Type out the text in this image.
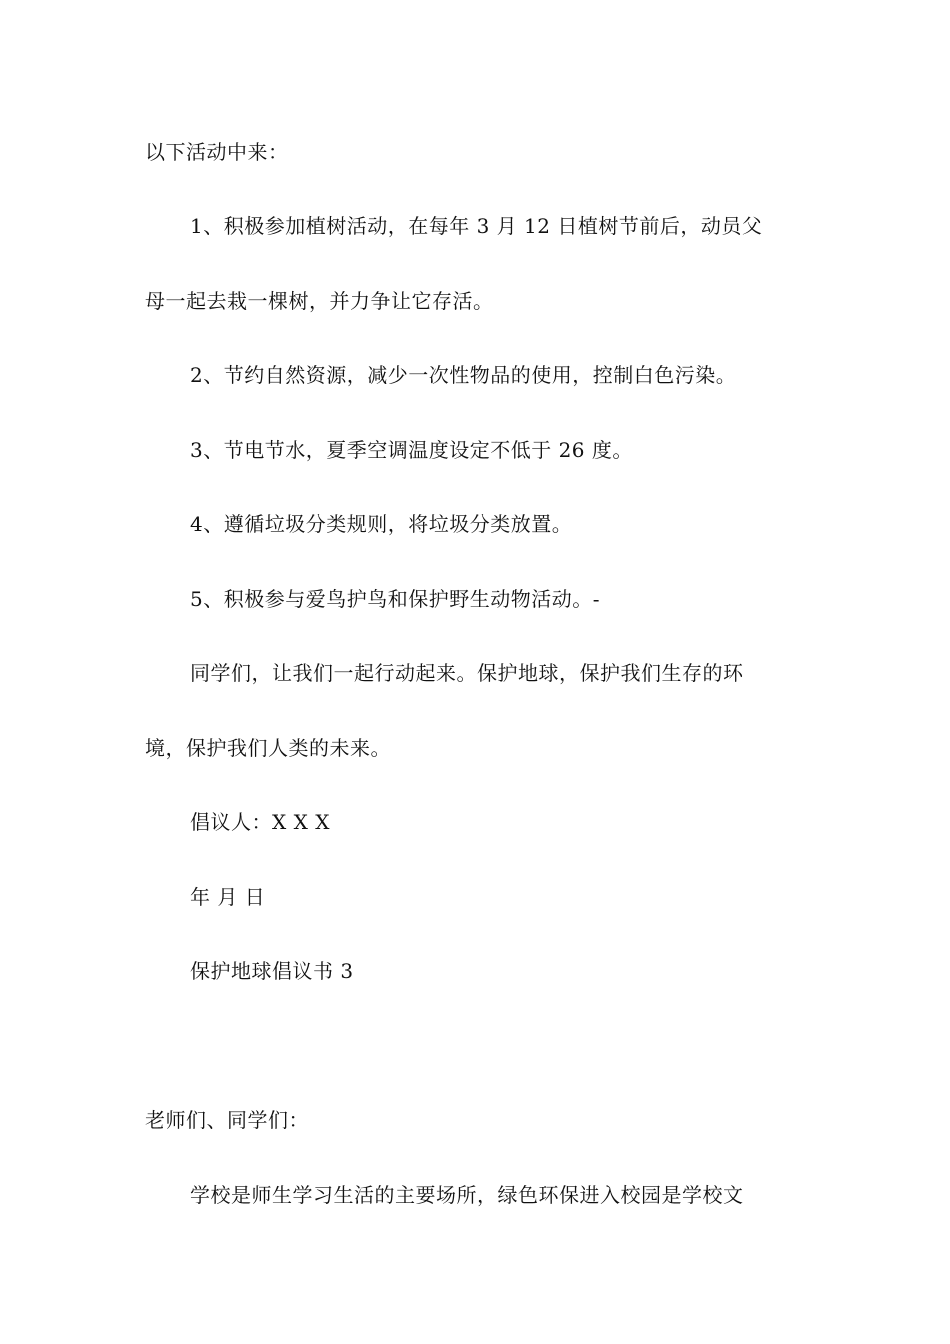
以下活动中来：
1、积极参加植树活动，在每年 3 月 12 日植树节前后，动员父
母一起去栽一棵树，并力争让它存活。
2、节约自然资源，减少一次性物品的使用，控制白色污染。
3、节电节水，夏季空调温度设定不低于 26 度。
4、遵循垃圾分类规则，将垃圾分类放置。
5、积极参与爱鸟护鸟和保护野生动物活动。-
同学们，让我们一起行动起来。保护地球，保护我们生存的环
境，保护我们人类的未来。
倡议人：X X X
年 月 日
保护地球倡议书 3
老师们、同学们：
学校是师生学习生活的主要场所，绿色环保进入校园是学校文
